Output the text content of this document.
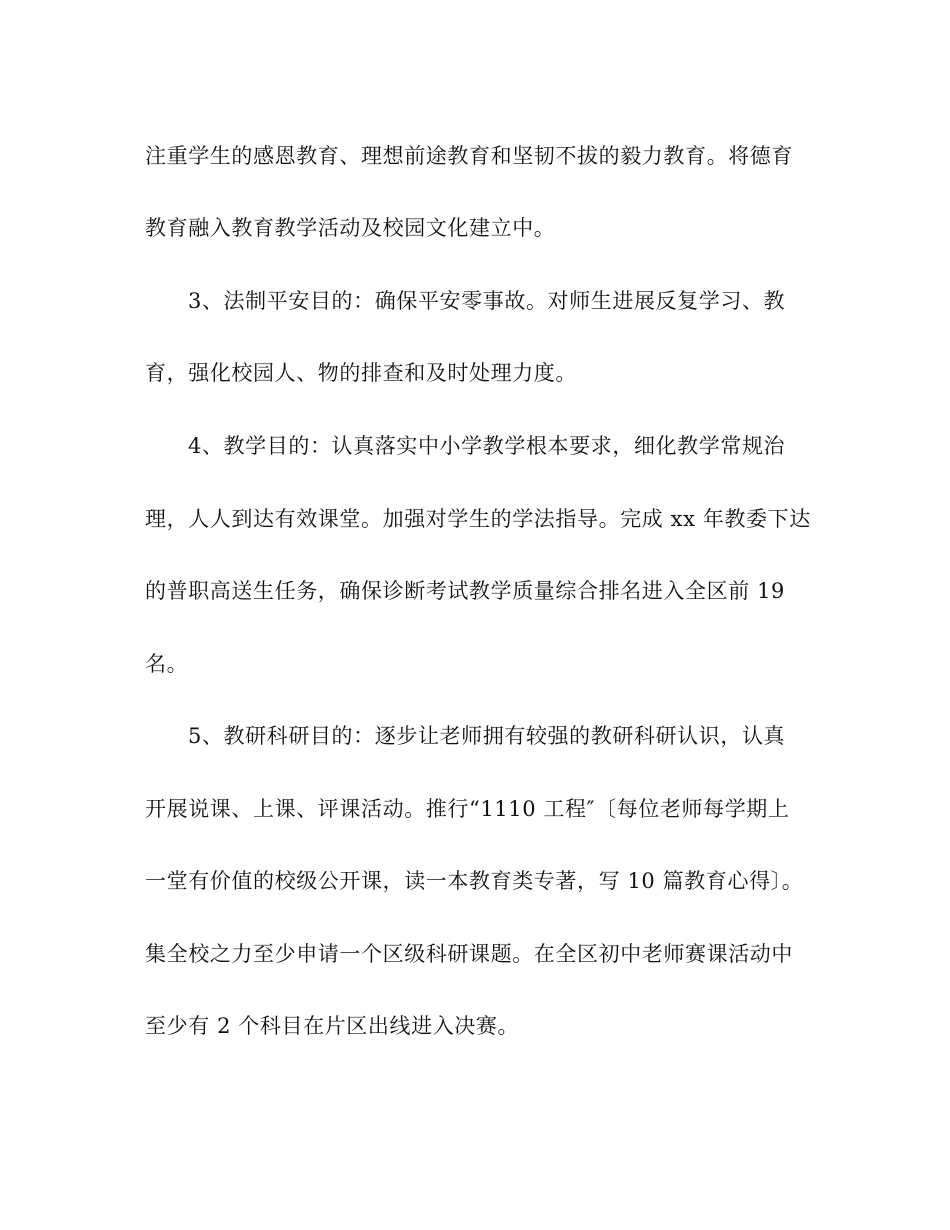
注重学生的感恩教育、理想前途教育和坚韧不拔的毅力教育。将德育
教育融入教育教学活动及校园文化建立中。
3、法制平安目的：确保平安零事故。对师生进展反复学习、教
育，强化校园人、物的排查和及时处理力度。
4、教学目的：认真落实中小学教学根本要求，细化教学常规治
理，人人到达有效课堂。加强对学生的学法指导。完成 xx 年教委下达
的普职高送生任务，确保诊断考试教学质量综合排名进入全区前 19
名。
5、教研科研目的：逐步让老师拥有较强的教研科研认识，认真
开展说课、上课、评课活动。推行“1110 工程″〔每位老师每学期上
一堂有价值的校级公开课，读一本教育类专著，写 10 篇教育心得〕。
集全校之力至少申请一个区级科研课题。在全区初中老师赛课活动中
至少有 2 个科目在片区出线进入决赛。
